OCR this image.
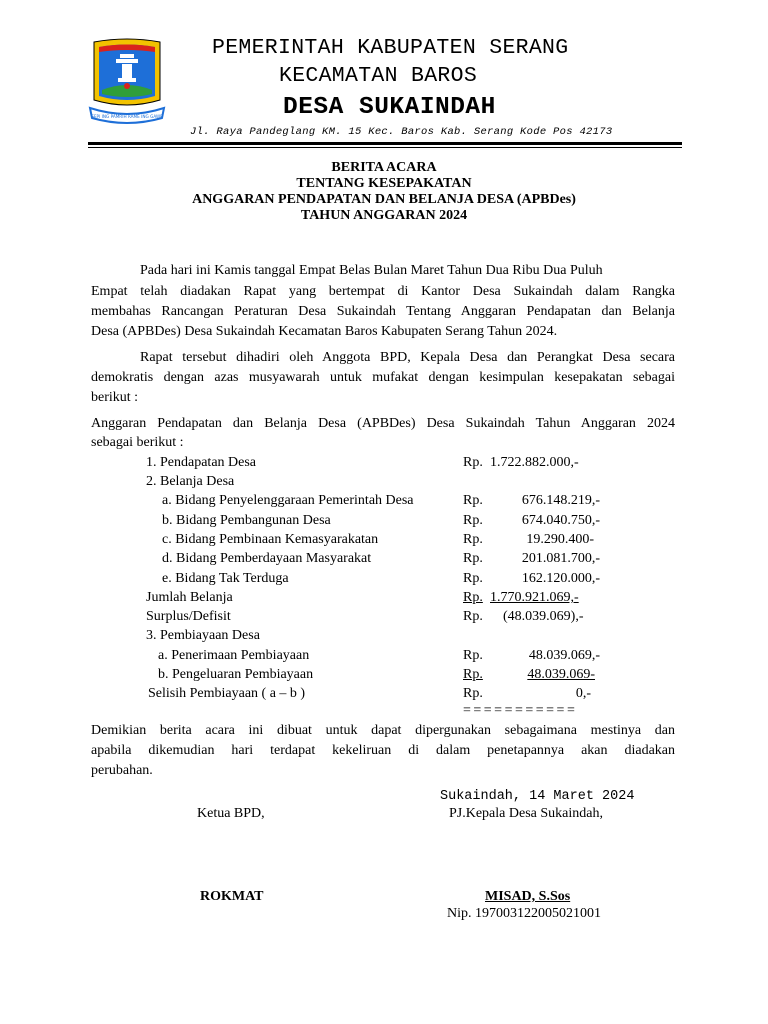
SEPI ING PAMRIH RAME ING GAWE
PEMERINTAH KABUPATEN SERANG
KECAMATAN BAROS
DESA SUKAINDAH
Jl. Raya Pandeglang KM. 15 Kec. Baros Kab. Serang Kode Pos 42173
BERITA ACARA
TENTANG KESEPAKATAN
ANGGARAN PENDAPATAN DAN BELANJA DESA (APBDes)
TAHUN ANGGARAN 2024
Pada hari ini Kamis tanggal Empat Belas Bulan Maret Tahun Dua Ribu Dua Puluh
Empat telah diadakan Rapat yang bertempat di Kantor Desa Sukaindah dalam Rangka
membahas Rancangan Peraturan Desa Sukaindah Tentang Anggaran Pendapatan dan Belanja
Desa (APBDes) Desa Sukaindah Kecamatan Baros Kabupaten Serang Tahun 2024.
Rapat tersebut dihadiri oleh Anggota BPD, Kepala Desa dan Perangkat Desa secara
demokratis dengan azas musyawarah untuk mufakat dengan kesimpulan kesepakatan sebagai
berikut :
Anggaran Pendapatan dan Belanja Desa (APBDes) Desa Sukaindah Tahun Anggaran 2024
sebagai berikut :
1. Pendapatan Desa	Rp. 1.722.882.000,-
2. Belanja Desa
a. Bidang Penyelenggaraan Pemerintah Desa	Rp.	676.148.219,-
b. Bidang Pembangunan Desa	Rp.	674.040.750,-
c. Bidang Pembinaan Kemasyarakatan	Rp.	19.290.400-
d. Bidang Pemberdayaan Masyarakat	Rp.	201.081.700,-
e. Bidang Tak Terduga	Rp.	162.120.000,-
Jumlah Belanja	Rp. 1.770.921.069,-
Surplus/Defisit	Rp. (48.039.069),-
3. Pembiayaan Desa
a. Penerimaan Pembiayaan	Rp.	48.039.069,-
b. Pengeluaran Pembiayaan	Rp.	48.039.069-
Selisih Pembiayaan ( a – b )	Rp.	0,-
= = = = = = = = = = =
Demikian berita acara ini dibuat untuk dapat dipergunakan sebagaimana mestinya dan
apabila dikemudian hari terdapat kekeliruan di dalam penetapannya akan diadakan
perubahan.
Sukaindah, 14 Maret 2024
Ketua BPD,	PJ.Kepala Desa Sukaindah,
ROKMAT	MISAD, S.Sos
Nip. 197003122005021001
